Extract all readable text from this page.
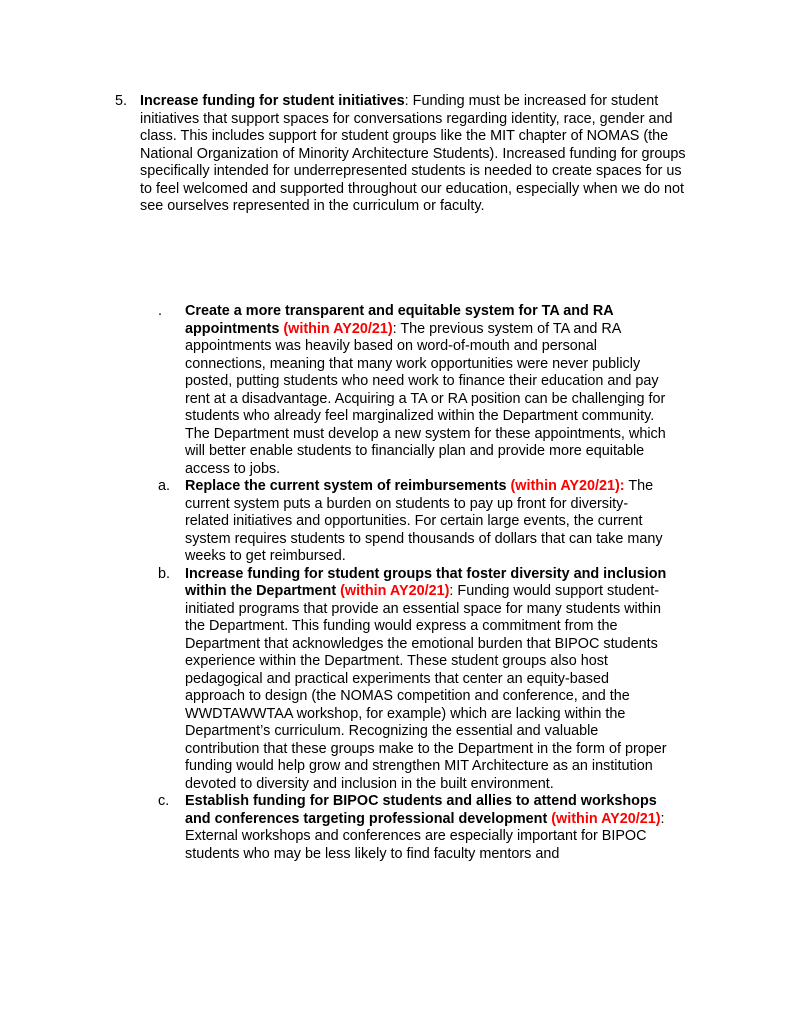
5. Increase funding for student initiatives: Funding must be increased for student initiatives that support spaces for conversations regarding identity, race, gender and class. This includes support for student groups like the MIT chapter of NOMAS (the National Organization of Minority Architecture Students). Increased funding for groups specifically intended for underrepresented students is needed to create spaces for us to feel welcomed and supported throughout our education, especially when we do not see ourselves represented in the curriculum or faculty.
.	Create a more transparent and equitable system for TA and RA appointments (within AY20/21): The previous system of TA and RA appointments was heavily based on word-of-mouth and personal connections, meaning that many work opportunities were never publicly posted, putting students who need work to finance their education and pay rent at a disadvantage. Acquiring a TA or RA position can be challenging for students who already feel marginalized within the Department community. The Department must develop a new system for these appointments, which will better enable students to financially plan and provide more equitable access to jobs.
a.	Replace the current system of reimbursements (within AY20/21): The current system puts a burden on students to pay up front for diversity-related initiatives and opportunities. For certain large events, the current system requires students to spend thousands of dollars that can take many weeks to get reimbursed.
b.	Increase funding for student groups that foster diversity and inclusion within the Department (within AY20/21): Funding would support student-initiated programs that provide an essential space for many students within the Department. This funding would express a commitment from the Department that acknowledges the emotional burden that BIPOC students experience within the Department. These student groups also host pedagogical and practical experiments that center an equity-based approach to design (the NOMAS competition and conference, and the WWDTAWWTAA workshop, for example) which are lacking within the Department’s curriculum. Recognizing the essential and valuable contribution that these groups make to the Department in the form of proper funding would help grow and strengthen MIT Architecture as an institution devoted to diversity and inclusion in the built environment.
c.	Establish funding for BIPOC students and allies to attend workshops and conferences targeting professional development (within AY20/21): External workshops and conferences are especially important for BIPOC students who may be less likely to find faculty mentors and
